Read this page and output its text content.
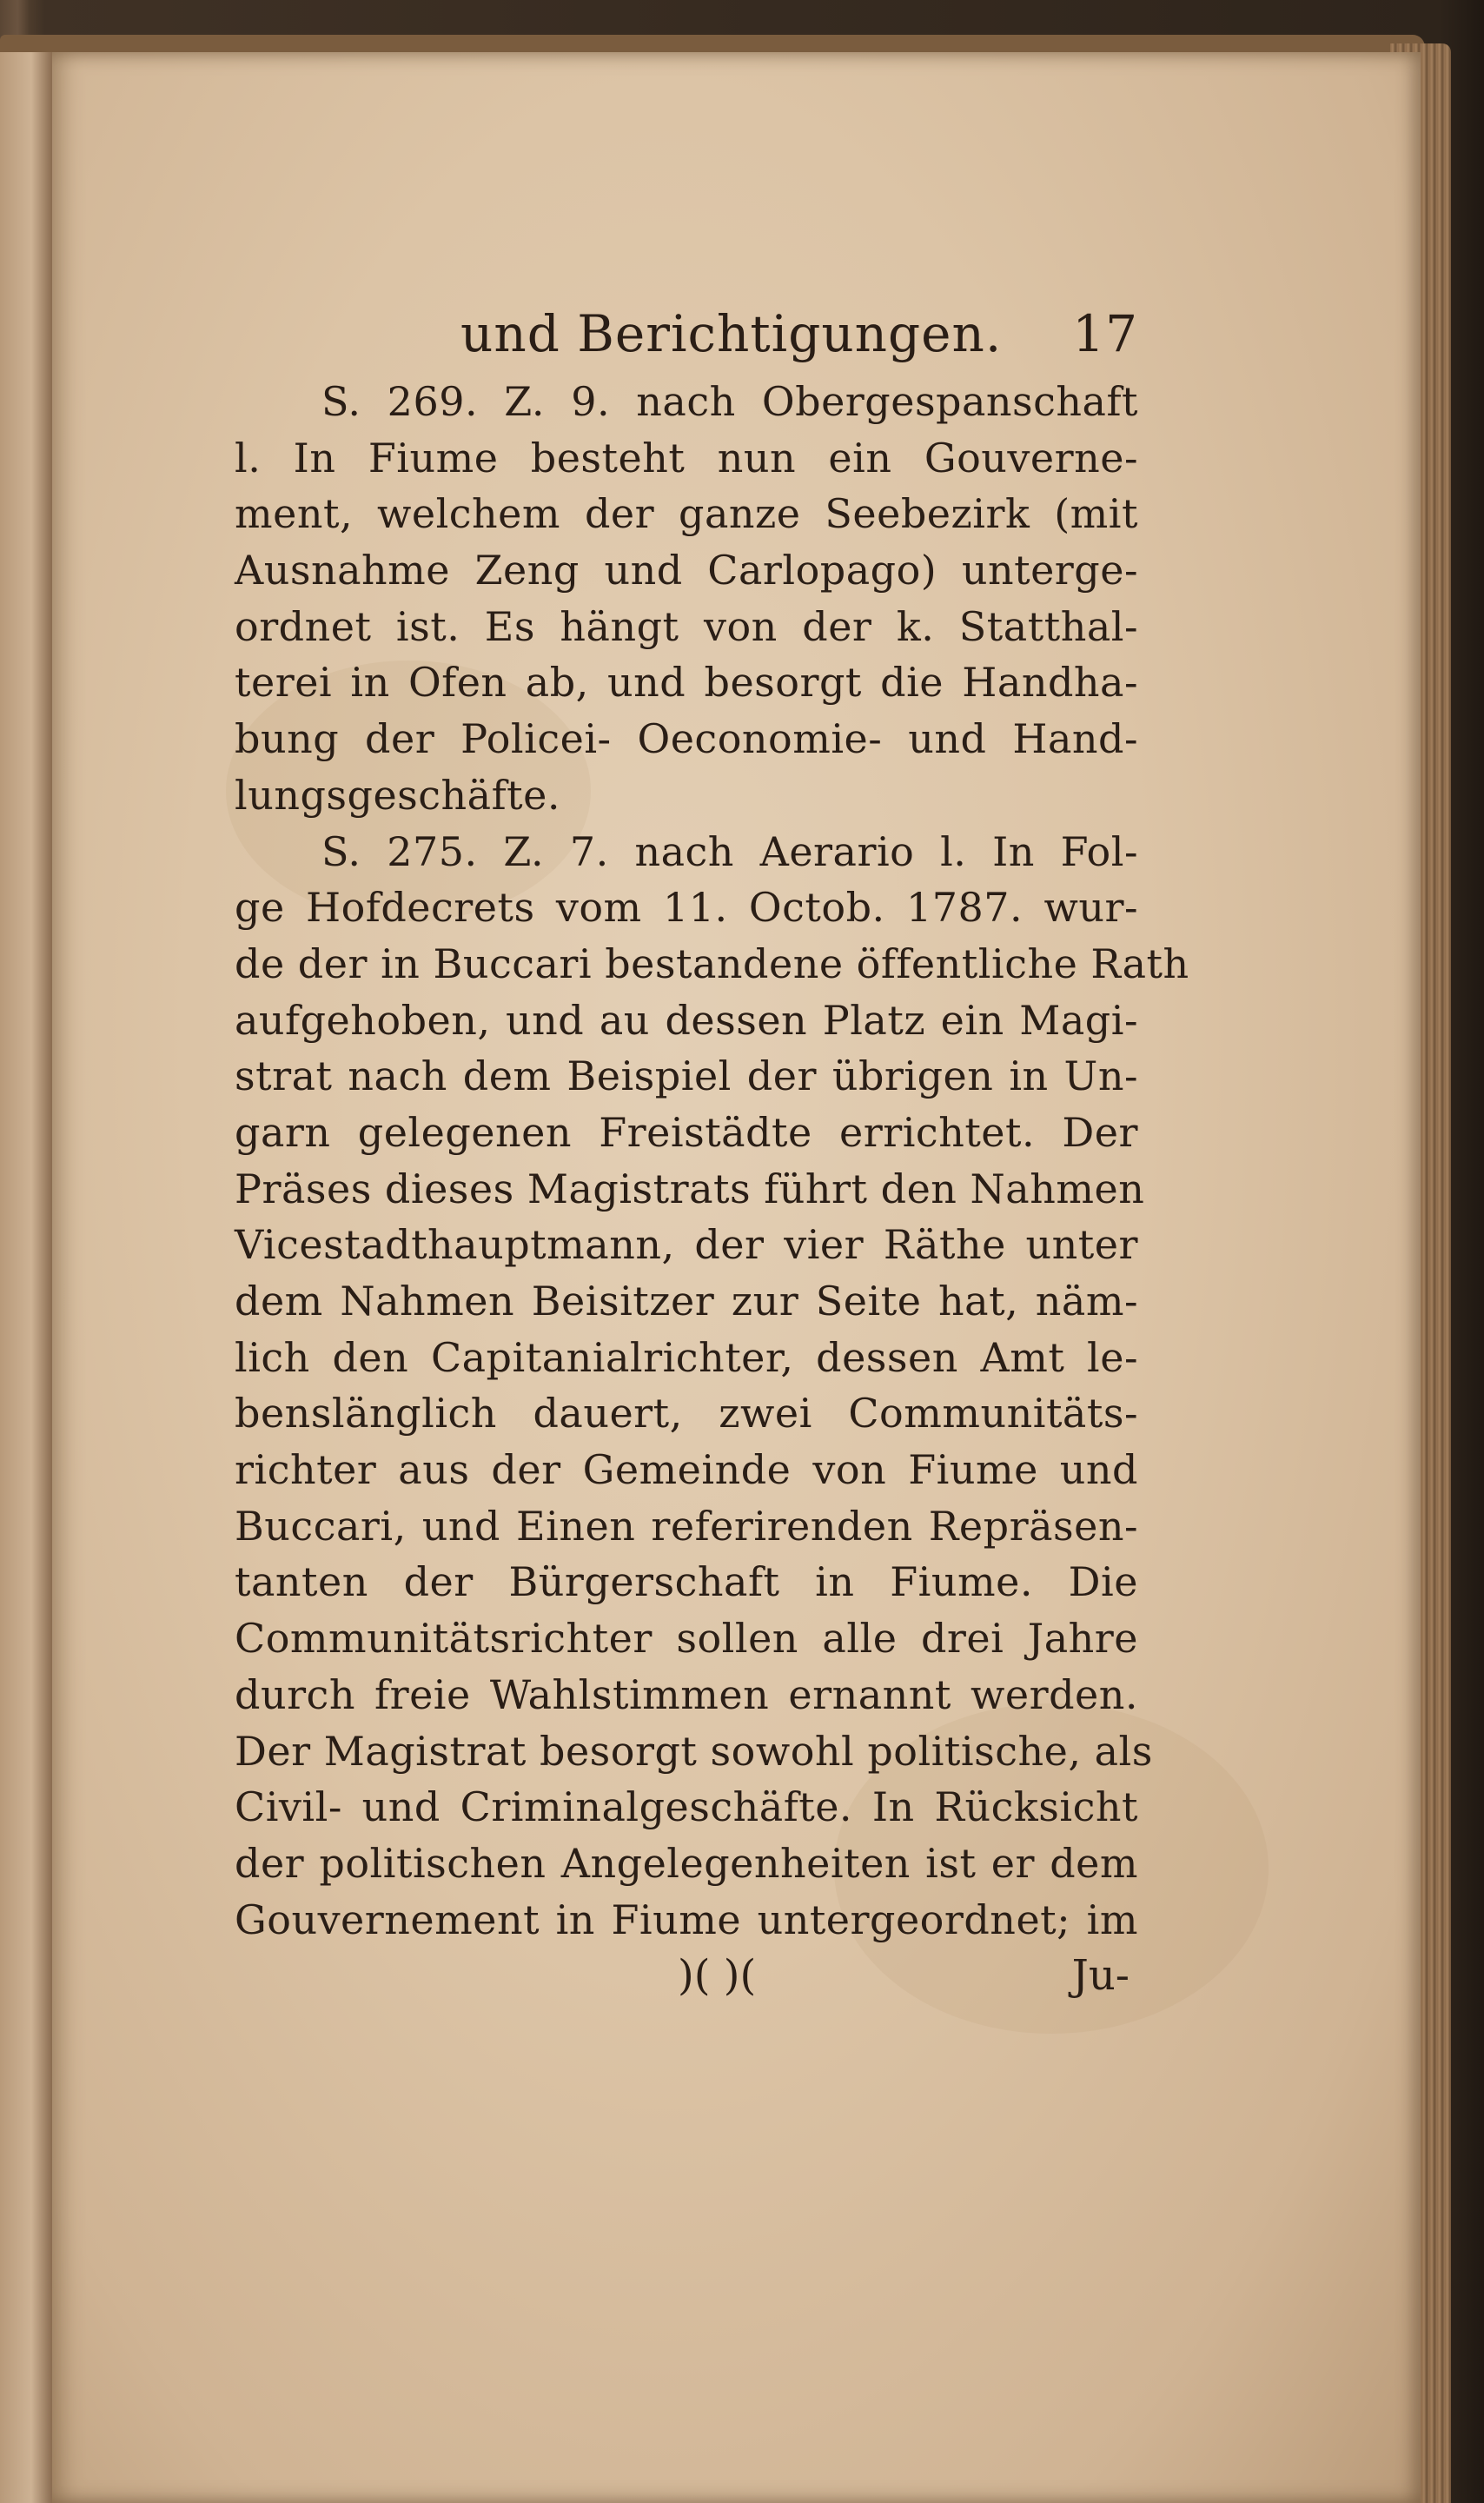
und Berichtigungen. 17
S. 269. Z. 9. nach Obergespanschaft
l. In Fiume besteht nun ein Gouverne-
ment, welchem der ganze Seebezirk (mit
Ausnahme Zeng und Carlopago) unterge-
ordnet ist. Es hängt von der k. Statthal-
terei in Ofen ab, und besorgt die Handha-
bung der Policei- Oeconomie- und Hand-
lungsgeschäfte.
S. 275. Z. 7. nach Aerario l. In Fol-
ge Hofdecrets vom 11. Octob. 1787. wur-
de der in Buccari bestandene öffentliche Rath
aufgehoben, und au dessen Platz ein Magi-
strat nach dem Beispiel der übrigen in Un-
garn gelegenen Freistädte errichtet. Der
Präses dieses Magistrats führt den Nahmen
Vicestadthauptmann, der vier Räthe unter
dem Nahmen Beisitzer zur Seite hat, näm-
lich den Capitanialrichter, dessen Amt le-
benslänglich dauert, zwei Communitäts-
richter aus der Gemeinde von Fiume und
Buccari, und Einen referirenden Repräsen-
tanten der Bürgerschaft in Fiume. Die
Communitätsrichter sollen alle drei Jahre
durch freie Wahlstimmen ernannt werden.
Der Magistrat besorgt sowohl politische, als
Civil- und Criminalgeschäfte. In Rücksicht
der politischen Angelegenheiten ist er dem
Gouvernement in Fiume untergeordnet; im
)( )(	Ju-
